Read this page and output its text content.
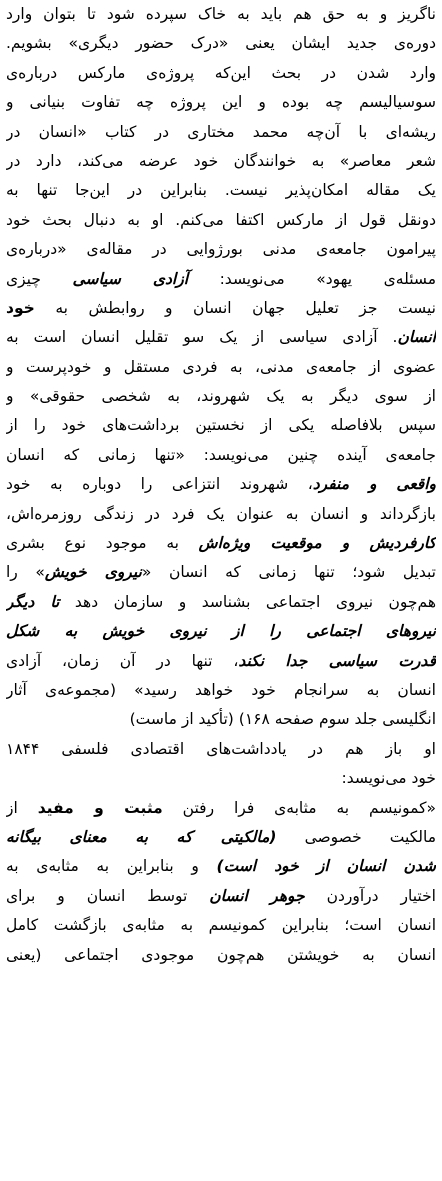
ناگریز و به حق هم باید به خاک سپرده شود تا بتوان وارد
دوره‌ی جدید ایشان یعنی «درک حضور دیگری» بشویم.
وارد شدن در بحث این‌که پروژه‌ی مارکس درباره‌ی
سوسیالیسم چه بوده و این پروژه چه تفاوت بنیانی و
ریشه‌ای با آن‌چه محمد مختاری در کتاب «انسان در
شعر معاصر» به خوانندگان خود عرضه می‌کند، دارد در
یک مقاله امکان‌پذیر نیست. بنابراین در این‌جا تنها به
دونقل قول از مارکس اکتفا می‌کنم. او به دنبال بحث خود
پیرامون جامعه‌ی مدنی بورژوایی در مقاله‌ی «درباره‌ی
مسئله‌ی یهود» می‌نویسد: آزادی سیاسی چیزی
نیست جز تعلیل جهان انسان و روابطش به خود
انسان. آزادی سیاسی از یک سو تقلیل انسان است به
عضوی از جامعه‌ی مدنی، به فردی مستقل و خودپرست و
از سوی دیگر به یک شهروند، به شخصی حقوقی» و
سپس بلافاصله یکی از نخستین برداشت‌های خود را از
جامعه‌ی آینده چنین می‌نویسد: «تنها زمانی که انسان
واقعی و منفرد، شهروند انتزاعی را دوباره به خود
بازگرداند و انسان به عنوان یک فرد در زندگی روزمره‌اش،
کارفردیش و موقعیت ویژه‌اش به موجود نوع بشری
تبدیل شود؛ تنها زمانی که انسان «نیروی خویش» را
هم‌چون نیروی اجتماعی بشناسد و سازمان دهد تا دیگر
نیروهای اجتماعی را از نیروی خویش به شکل
قدرت سیاسی جدا نکند، تنها در آن زمان، آزادی
انسان به سرانجام خود خواهد رسید» (مجموعه‌ی آثار
انگلیسی جلد سوم صفحه ۱۶۸) (تأکید از ماست)
او باز هم در یادداشت‌های اقتصادی فلسفی ۱۸۴۴
خود می‌نویسد:
«کمونیسم به مثابه‌ی فرا رفتن مثبت و مفید از
مالکیت خصوصی (مالکیتی که به معنای بیگانه
شدن انسان از خود است) و بنابراین به مثابه‌ی به
اختیار درآوردن جوهر انسان توسط انسان و برای
انسان است؛ بنابراین کمونیسم به مثابه‌ی بازگشت کامل
انسان به خویشتن هم‌چون موجودی اجتماعی (یعنی
